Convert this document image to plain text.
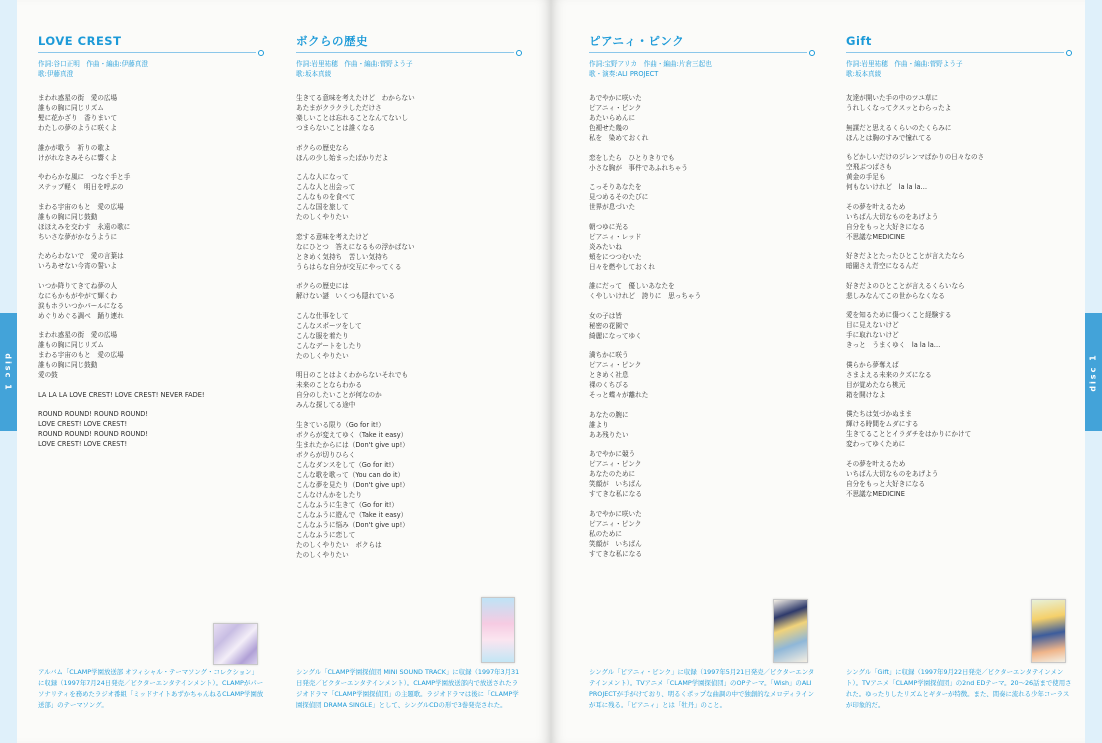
disc 1
LOVE CREST
作詞:谷口正明　作曲・編曲:伊藤真澄
歌:伊藤真澄
まわれ惑星の街　愛の広場
誰もの胸に同じリズム
髪に花かざり　香りまいて
わたしの夢のように咲くよ
誰かが歌う　祈りの歌よ
けがれなきみそらに響くよ
やわらかな風に　つなぐ手と手
ステップ軽く　明日を呼ぶの
まわる宇宙のもと　愛の広場
誰もの胸に同じ鼓動
ほほえみを交わす　永遠の歌に
ちいさな夢がかなうように
ためらわないで　愛の言葉は
いろあせない今宵の誓いよ
いつか降りてきてね夢の人
なにもかもがやがて輝くわ
涙もホラいつかパールになる
めぐりめぐる調べ　踊り連れ
まわれ惑星の街　愛の広場
誰もの胸に同じリズム
まわる宇宙のもと　愛の広場
誰もの胸に同じ鼓動
愛の鼓
LA LA LA LOVE CREST! LOVE CREST! NEVER FADE!
ROUND ROUND! ROUND ROUND!
LOVE CREST! LOVE CREST!
ROUND ROUND! ROUND ROUND!
LOVE CREST! LOVE CREST!
ボクらの歴史
作詞:岩里祐穂　作曲・編曲:菅野よう子
歌:坂本真綾
生きてる意味を考えたけど　わからない
あたまがクラクラしただけさ
楽しいことは忘れることなんてないし
つまらないことは誰くなる
ボクらの歴史なら
ほんの少し始まったばかりだよ
こんな人になって
こんな人と出会って
こんなものを食べて
こんな国を旅して
たのしくやりたい
恋する意味を考えたけど
なにひとつ　答えになるもの浮かばない
ときめく気持ち　苦しい気持ち
うらはらな自分が交互にやってくる
ボクらの歴史には
解けない謎　いくつも隠れている
こんな仕事をして
こんなスポーツをして
こんな服を着たり
こんなデートをしたり
たのしくやりたい
明日のことはよくわからないそれでも
未来のことならわかる
自分のしたいことが何なのか
みんな探してる途中
生きている限り（Go for it!）
ボクらが変えてゆく（Take it easy）
生まれたからには（Don't give up!）
ボクらが切りひらく
こんなダンスをして（Go for it!）
こんな歌を歌って（You can do it）
こんな夢を見たり（Don't give up!）
こんなけんかをしたり
こんなふうに生きて（Go for it!）
こんなふうに遊んで（Take it easy）
こんなふうに悩み（Don't give up!）
こんなふうに恋して
たのしくやりたい　ボクらは
たのしくやりたい
アルバム「CLAMP学園放送部 オフィシャル・テーマソング・コレクション」に収録（1997年7月24日発売／ビクターエンタテインメント）。CLAMPがパーソナリティを務めたラジオ番組「ミッドナイトあずかちゃんねるCLAMP学園放送部」のテーマソング。
シングル「CLAMP学園探偵団 MINI SOUND TRACK」に収録（1997年3月31日発売／ビクターエンタテインメント）。CLAMP学園放送部内で放送されたラジオドラマ「CLAMP学園探偵団」の主題歌。ラジオドラマは後に「CLAMP学園探偵団 DRAMA SINGLE」として、シングルCDの形で3巻発売された。
disc 1
ピアニィ・ピンク
作詞:宝野アリカ　作曲・編曲:片倉三起也
歌・演奏:ALI PROJECT
あでやかに咲いた
ピアニィ・ピンク
あたいらめんに
色褪せた幾の
私を　染めておくれ
恋をしたら　ひとりきりでも
小さな胸が　事件であふれちゃう
こっそりあなたを
見つめるそのたびに
世界が息づいた
朝つゆに光る
ピアニィ・レッド
炎みたいね
頬をにつつむいた
日々を燃やしておくれ
誰にだって　優しいあなたを
くやしいけれど　誇りに　思っちゃう
女の子は皆
秘密の花園で
綺麗になってゆく
満ちかに咲う
ピアニィ・ピンク
ときめく社息
裸のくちびる
そっと蝶々が離れた
あなたの腕に
誰より
ああ残りたい
あでやかに競う
ピアニィ・ピンク
あなたのために
笑顔が　いちばん
すてきな私になる
あでやかに咲いた
ピアニィ・ピンク
私のために
笑顔が　いちばん
すてきな私になる
Gift
作詞:岩里祐穂　作曲・編曲:菅野よう子
歌:坂本真綾
友達が開いた手の中のツユ草に
うれしくなってクスッとわらったよ
無謀だと思えるくらいのたくらみに
ほんとは胸のすみで憧れてる
もどかしいだけのジレンマばかりの日々なのさ
空飛ぶつばさも
黄金の手足も
何もないけれど　la la la…
その夢を叶えるため
いちばん大切なものをあげよう
自分をもっと大好きになる
不思議なMEDICINE
好きだよとたったひとことが言えたなら
暗闇さえ青空になるんだ
好きだよのひとことが言えるくらいなら
悲しみなんてこの世からなくなる
愛を知るために傷つくこと経験する
目に見えないけど
手に取れないけど
きっと　うまくゆく　la la la…
僕らから夢奪えば
さまよえる未来のクズになる
目が覚めたなら桃元
箱を開けなよ
僕たちは気づかぬまま
輝ける時間をムダにする
生きてることとイラダチをはかりにかけて
変わってゆくために
その夢を叶えるため
いちばん大切なものをあげよう
自分をもっと大好きになる
不思議なMEDICINE
シングル「ピアニィ・ピンク」に収録（1997年5月21日発売／ビクターエンタテインメント）。TVアニメ「CLAMP学園探偵団」のOPテーマ。「Wish」のALI PROJECTが手がけており、明るくポップな曲調の中で独創的なメロディラインが耳に残る。「ピアニィ」とは「牡丹」のこと。
シングル「Gift」に収録（1997年9月22日発売／ビクターエンタテインメント）。TVアニメ「CLAMP学園探偵団」の2nd EDテーマ。20〜26話まで使用された。ゆったりしたリズムとギターが特徴。また、間奏に流れる少年コーラスが印象的だ。
